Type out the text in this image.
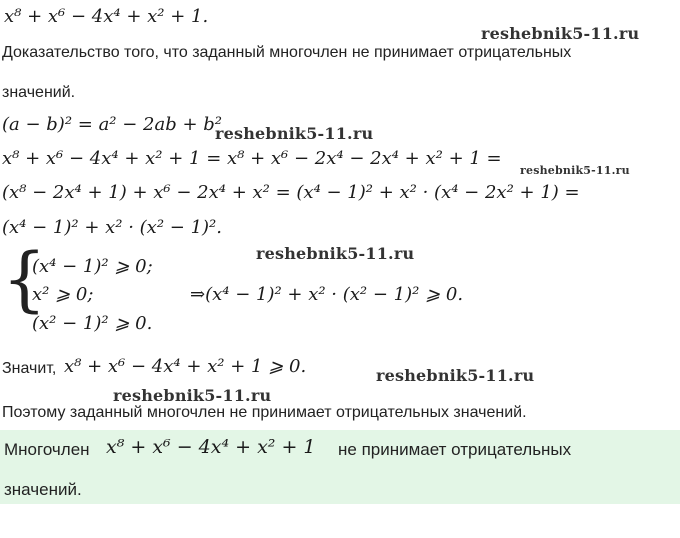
x⁸ + x⁶ − 4x⁴ + x² + 1.
reshebnik5-11.ru
Доказательство того, что заданный многочлен не принимает отрицательных
значений.
(a − b)² = a² − 2ab + b²
reshebnik5-11.ru
x⁸ + x⁶ − 4x⁴ + x² + 1 = x⁸ + x⁶ − 2x⁴ − 2x⁴ + x² + 1 =
reshebnik5-11.ru
(x⁸ − 2x⁴ + 1) + x⁶ − 2x⁴ + x² = (x⁴ − 1)² + x² · (x⁴ − 2x² + 1) =
(x⁴ − 1)² + x² · (x² − 1)².
reshebnik5-11.ru
{
(x⁴ − 1)² ⩾ 0;
x² ⩾ 0;
(x² − 1)² ⩾ 0.
⇒(x⁴ − 1)² + x² · (x² − 1)² ⩾ 0.
Значит, x⁸ + x⁶ − 4x⁴ + x² + 1 ⩾ 0.	reshebnik5-11.ru
reshebnik5-11.ru
Поэтому заданный многочлен не принимает отрицательных значений.
Многочлен x⁸ + x⁶ − 4x⁴ + x² + 1 не принимает отрицательных
значений.
